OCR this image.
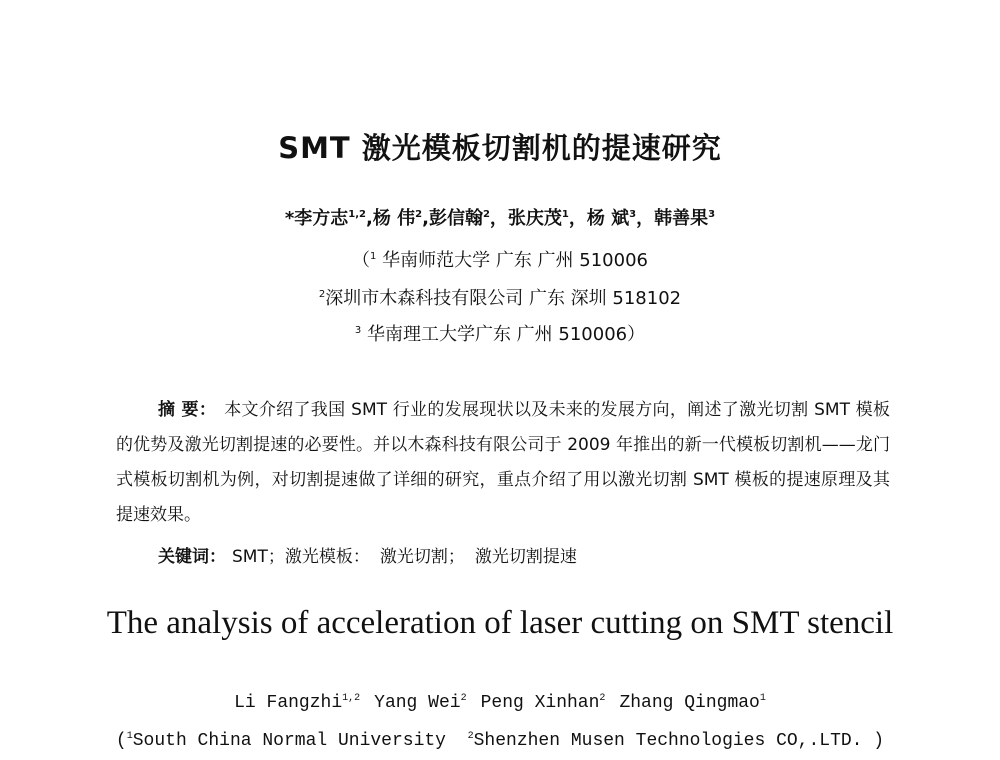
SMT 激光模板切割机的提速研究
*李方志$^{1,2}$,杨 伟$^2$,彭信翰$^2$，张庆茂$^1$，杨 斌$^3$，韩善果$^3$
（$^1$ 华南师范大学 广东 广州 510006
$^2$深圳市木森科技有限公司 广东 深圳 518102
$^3$ 华南理工大学广东 广州 510006）
摘 要： 本文介绍了我国 SMT 行业的发展现状以及未来的发展方向，阐述了激光切割 SMT 模板的优势及激光切割提速的必要性。并以木森科技有限公司于 2009 年推出的新一代模板切割机——龙门式模板切割机为例，对切割提速做了详细的研究，重点介绍了用以激光切割 SMT 模板的提速原理及其提速效果。
关键词： SMT；激光模板： 激光切割； 激光切割提速
The analysis of acceleration of laser cutting on SMT stencil
Li Fangzhi$^{1,2}$ Yang Wei$^2$ Peng Xinhan$^2$ Zhang Qingmao$^1$
($^1$South China Normal University  $^2$Shenzhen Musen Technologies CO,.LTD. )
